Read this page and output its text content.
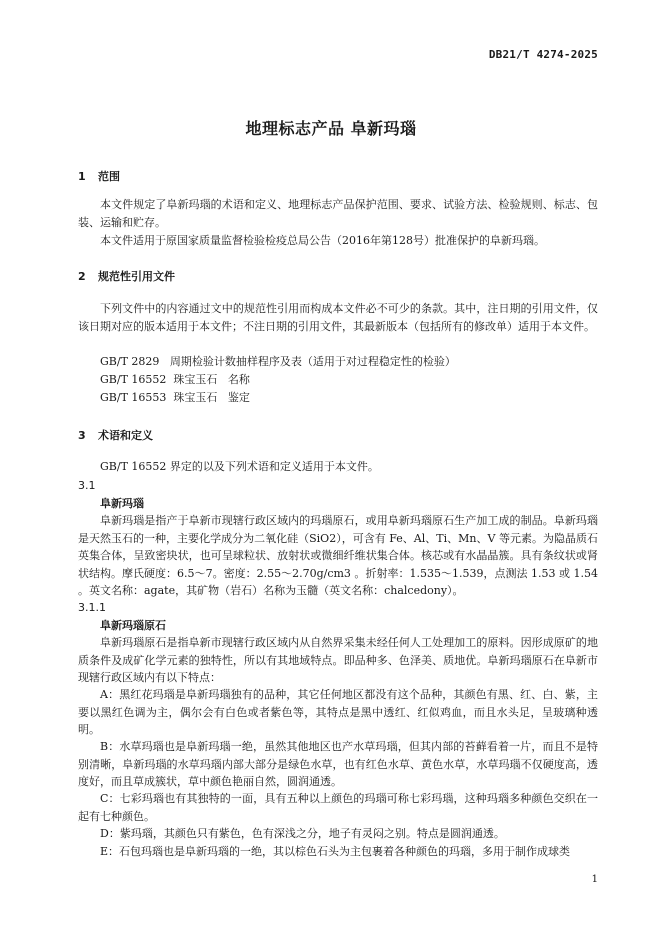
DB21/T 4274-2025
地理标志产品 阜新玛瑙
1 范围
本文件规定了阜新玛瑙的术语和定义、地理标志产品保护范围、要求、试验方法、检验规则、标志、包装、运输和贮存。
本文件适用于原国家质量监督检验检疫总局公告（2016年第128号）批准保护的阜新玛瑙。
2 规范性引用文件
下列文件中的内容通过文中的规范性引用而构成本文件必不可少的条款。其中，注日期的引用文件，仅该日期对应的版本适用于本文件；不注日期的引用文件，其最新版本（包括所有的修改单）适用于本文件。
GB/T 2829   周期检验计数抽样程序及表（适用于对过程稳定性的检验）
GB/T 16552  珠宝玉石   名称
GB/T 16553  珠宝玉石   鉴定
3 术语和定义
GB/T 16552 界定的以及下列术语和定义适用于本文件。
3.1
阜新玛瑙
阜新玛瑙是指产于阜新市现辖行政区域内的玛瑙原石，或用阜新玛瑙原石生产加工成的制品。阜新玛瑙是天然玉石的一种，主要化学成分为二氧化硅（SiO2），可含有 Fe、Al、Ti、Mn、V 等元素。为隐晶质石英集合体，呈致密块状，也可呈球粒状、放射状或微细纤维状集合体。核芯或有水晶晶簇。具有条纹状或肾状结构。摩氏硬度：6.5～7。密度：2.55～2.70g/cm3 。折射率：1.535～1.539，点测法 1.53 或 1.54 。英文名称：agate，其矿物（岩石）名称为玉髓（英文名称：chalcedony）。
3.1.1
阜新玛瑙原石
阜新玛瑙原石是指阜新市现辖行政区域内从自然界采集未经任何人工处理加工的原料。因形成原矿的地质条件及成矿化学元素的独特性，所以有其地域特点。即品种多、色泽美、质地优。阜新玛瑙原石在阜新市现辖行政区域内有以下特点：
A：黑红花玛瑙是阜新玛瑙独有的品种，其它任何地区都没有这个品种，其颜色有黑、红、白、紫，主要以黑红色调为主，偶尔会有白色或者紫色等，其特点是黑中透红、红似鸡血，而且水头足，呈玻璃种透明。
B：水草玛瑙也是阜新玛瑙一绝，虽然其他地区也产水草玛瑙，但其内部的苔藓看着一片，而且不是特别清晰，阜新玛瑙的水草玛瑙内部大部分是绿色水草，也有红色水草、黄色水草，水草玛瑙不仅硬度高，透度好，而且草成簇状，草中颜色艳丽自然，圆润通透。
C：七彩玛瑙也有其独特的一面，具有五种以上颜色的玛瑙可称七彩玛瑙，这种玛瑙多种颜色交织在一起有七种颜色。
D：紫玛瑙，其颜色只有紫色，色有深浅之分，地子有灵闷之别。特点是圆润通透。
E：石包玛瑙也是阜新玛瑙的一绝，其以棕色石头为主包裹着各种颜色的玛瑙，多用于制作成球类
1
